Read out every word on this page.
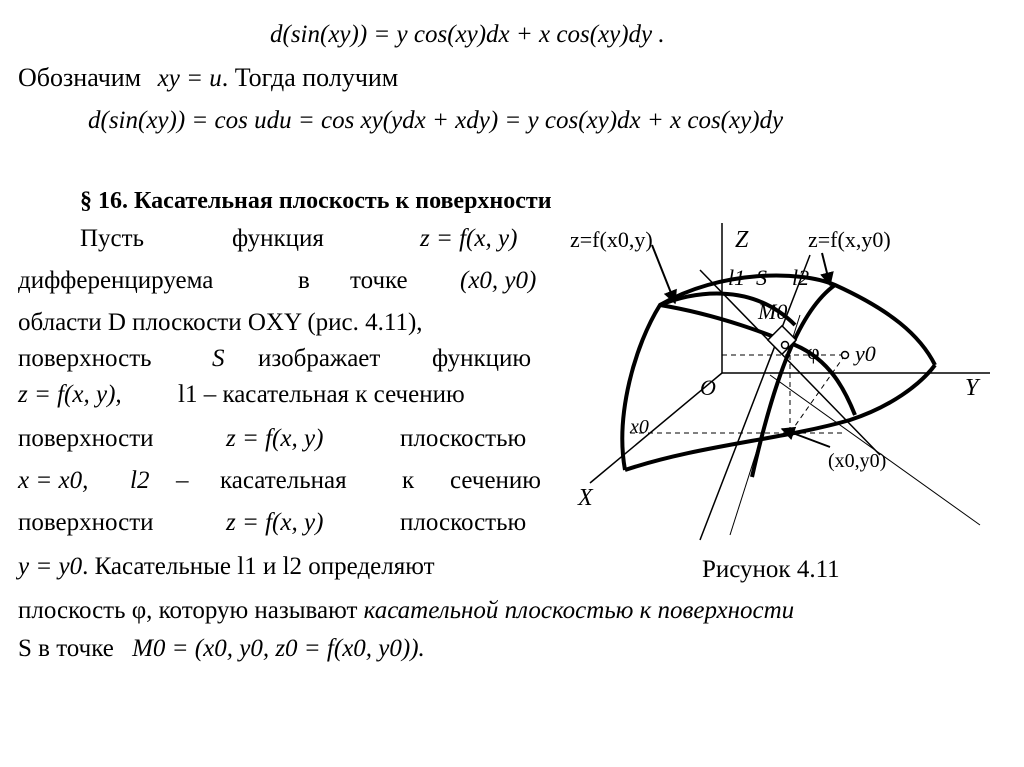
d(sin(xy)) = y cos(xy)dx + x cos(xy)dy .
Обозначим xy = u. Тогда получим
d(sin(xy)) = cos udu = cos xy(ydx + xdy) = y cos(xy)dx + x cos(xy)dy
§ 16. Касательная плоскость к поверхности
Пусть	функция	z = f(x, y)
дифференцируема	в точке (x0, y0)
области D плоскости OXY (рис. 4.11),
поверхность S изображает функцию
z = f(x, y), l1 – касательная к сечению
поверхности	z = f(x, y)	плоскостью
x = x0, l2 – касательная к сечению
поверхности	z = f(x, y)	плоскостью
y = y0. Касательные l1 и l2 определяют
плоскость φ, которую называют касательной плоскостью к поверхности
S в точке M0 = (x0, y0, z0 = f(x0, y0)).
z=f(x0,y)	Z	z=f(x,y0)
l1 S l2
M0
φ y0
O	Y
x0
(x0,y0)
X
Рисунок 4.11
